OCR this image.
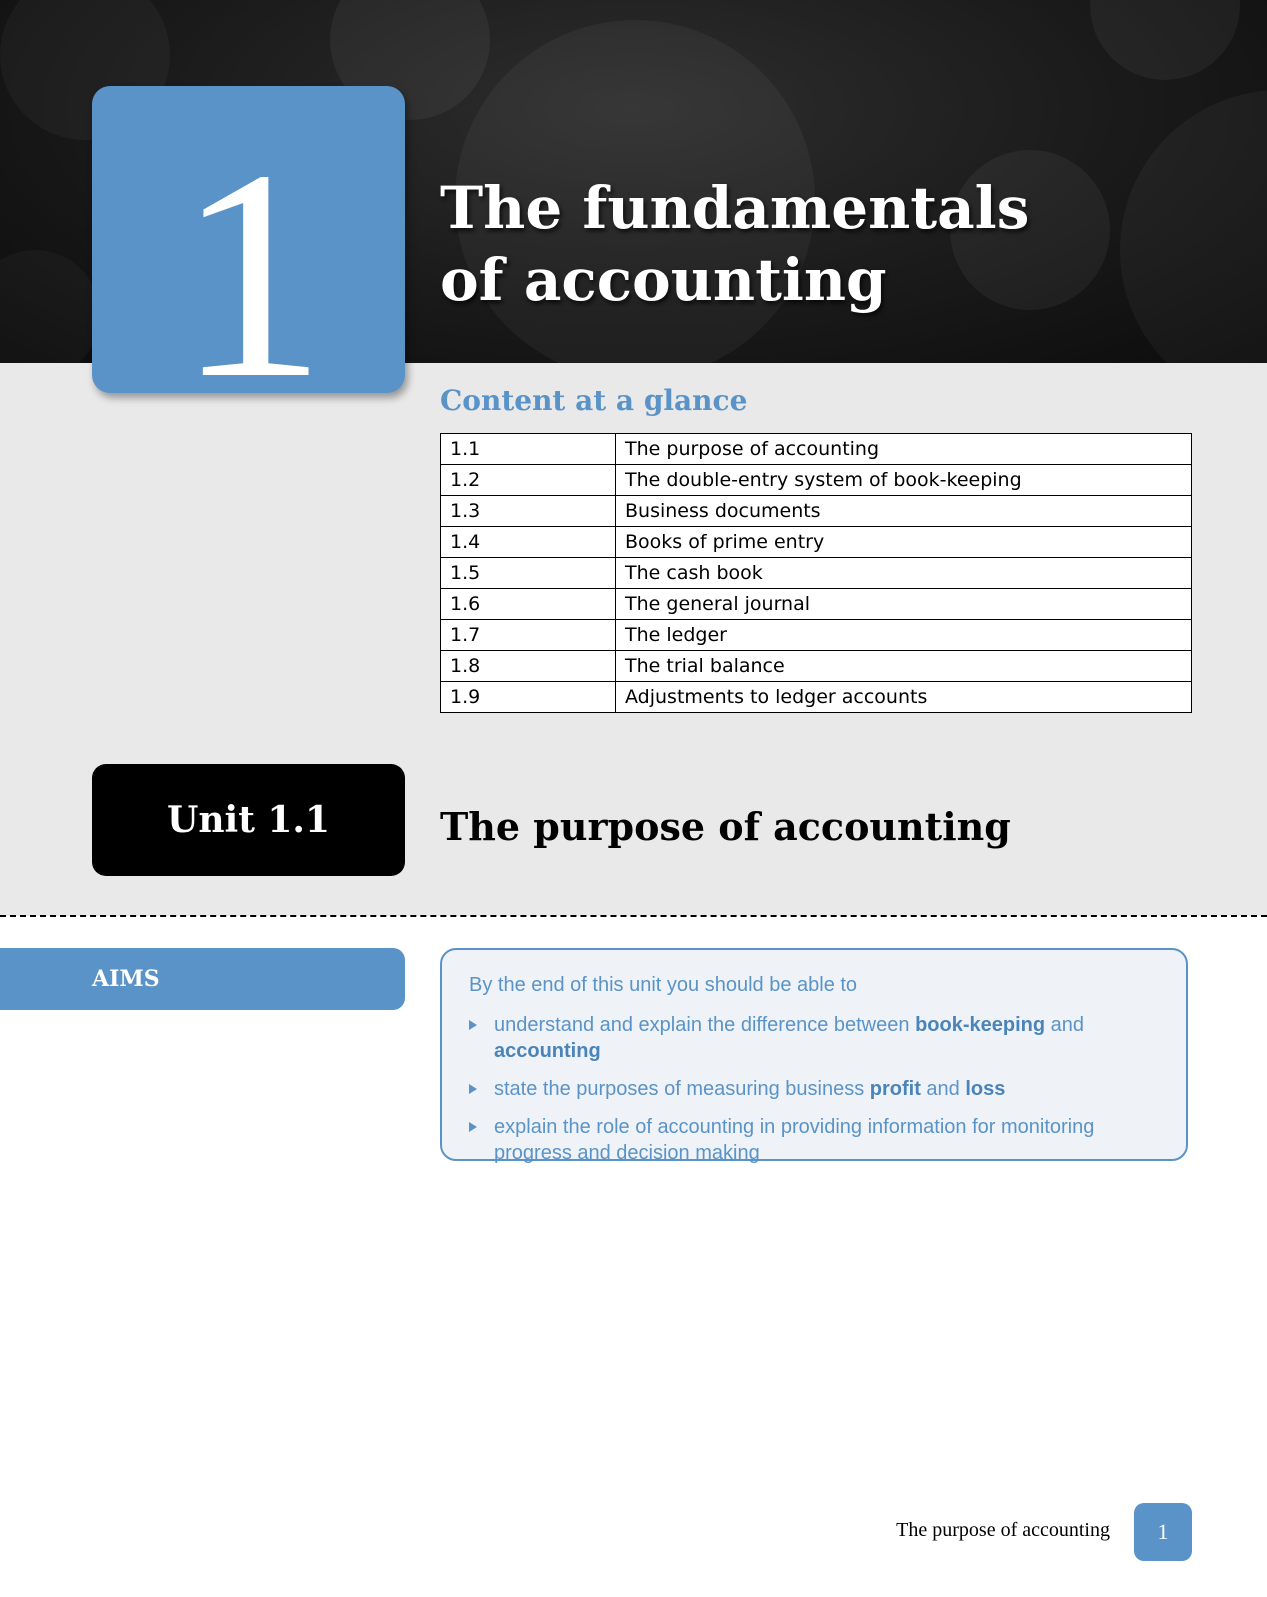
1	The fundamentals
of accounting
Content at a glance
1.1	The purpose of accounting
1.2	The double-entry system of book-keeping
1.3	Business documents
1.4	Books of prime entry
1.5	The cash book
1.6	The general journal
1.7	The ledger
1.8	The trial balance
1.9	Adjustments to ledger accounts
Unit 1.1	The purpose of accounting
AIMS	By the end of this unit you should be able to
understand and explain the difference between book-keeping and accounting
state the purposes of measuring business profit and loss
explain the role of accounting in providing information for monitoring progress and decision making
The purpose of accounting	1
